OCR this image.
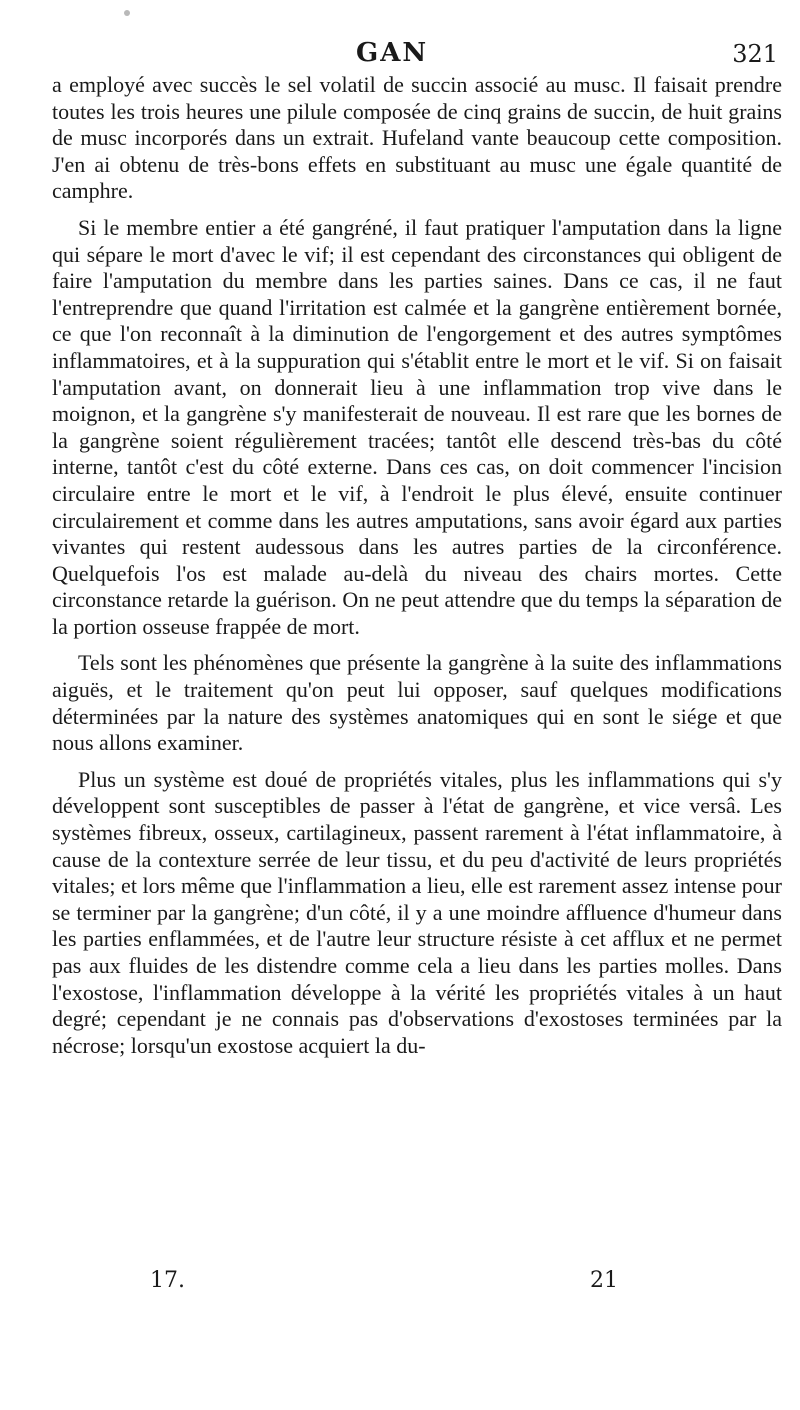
GAN	321

a employé avec succès le sel volatil de succin associé au musc. Il faisait prendre toutes les trois heures une pilule composée de cinq grains de succin, de huit grains de musc incorporés dans un extrait. Hufeland vante beaucoup cette composition. J'en ai obtenu de très-bons effets en substituant au musc une égale quantité de camphre.

Si le membre entier a été gangréné, il faut pratiquer l'amputation dans la ligne qui sépare le mort d'avec le vif; il est cependant des circonstances qui obligent de faire l'amputation du membre dans les parties saines. Dans ce cas, il ne faut l'entreprendre que quand l'irritation est calmée et la gangrène entièrement bornée, ce que l'on reconnaît à la diminution de l'engorgement et des autres symptômes inflammatoires, et à la suppuration qui s'établit entre le mort et le vif. Si on faisait l'amputation avant, on donnerait lieu à une inflammation trop vive dans le moignon, et la gangrène s'y manifesterait de nouveau. Il est rare que les bornes de la gangrène soient régulièrement tracées; tantôt elle descend très-bas du côté interne, tantôt c'est du côté externe. Dans ces cas, on doit commencer l'incision circulaire entre le mort et le vif, à l'endroit le plus élevé, ensuite continuer circulairement et comme dans les autres amputations, sans avoir égard aux parties vivantes qui restent audessous dans les autres parties de la circonférence. Quelquefois l'os est malade au-delà du niveau des chairs mortes. Cette circonstance retarde la guérison. On ne peut attendre que du temps la séparation de la portion osseuse frappée de mort.

Tels sont les phénomènes que présente la gangrène à la suite des inflammations aiguës, et le traitement qu'on peut lui opposer, sauf quelques modifications déterminées par la nature des systèmes anatomiques qui en sont le siége et que nous allons examiner.

Plus un système est doué de propriétés vitales, plus les inflammations qui s'y développent sont susceptibles de passer à l'état de gangrène, et vice versâ. Les systèmes fibreux, osseux, cartilagineux, passent rarement à l'état inflammatoire, à cause de la contexture serrée de leur tissu, et du peu d'activité de leurs propriétés vitales; et lors même que l'inflammation a lieu, elle est rarement assez intense pour se terminer par la gangrène; d'un côté, il y a une moindre affluence d'humeur dans les parties enflammées, et de l'autre leur structure résiste à cet afflux et ne permet pas aux fluides de les distendre comme cela a lieu dans les parties molles. Dans l'exostose, l'inflammation développe à la vérité les propriétés vitales à un haut degré; cependant je ne connais pas d'observations d'exostoses terminées par la nécrose; lorsqu'un exostose acquiert la du-

17.	21
